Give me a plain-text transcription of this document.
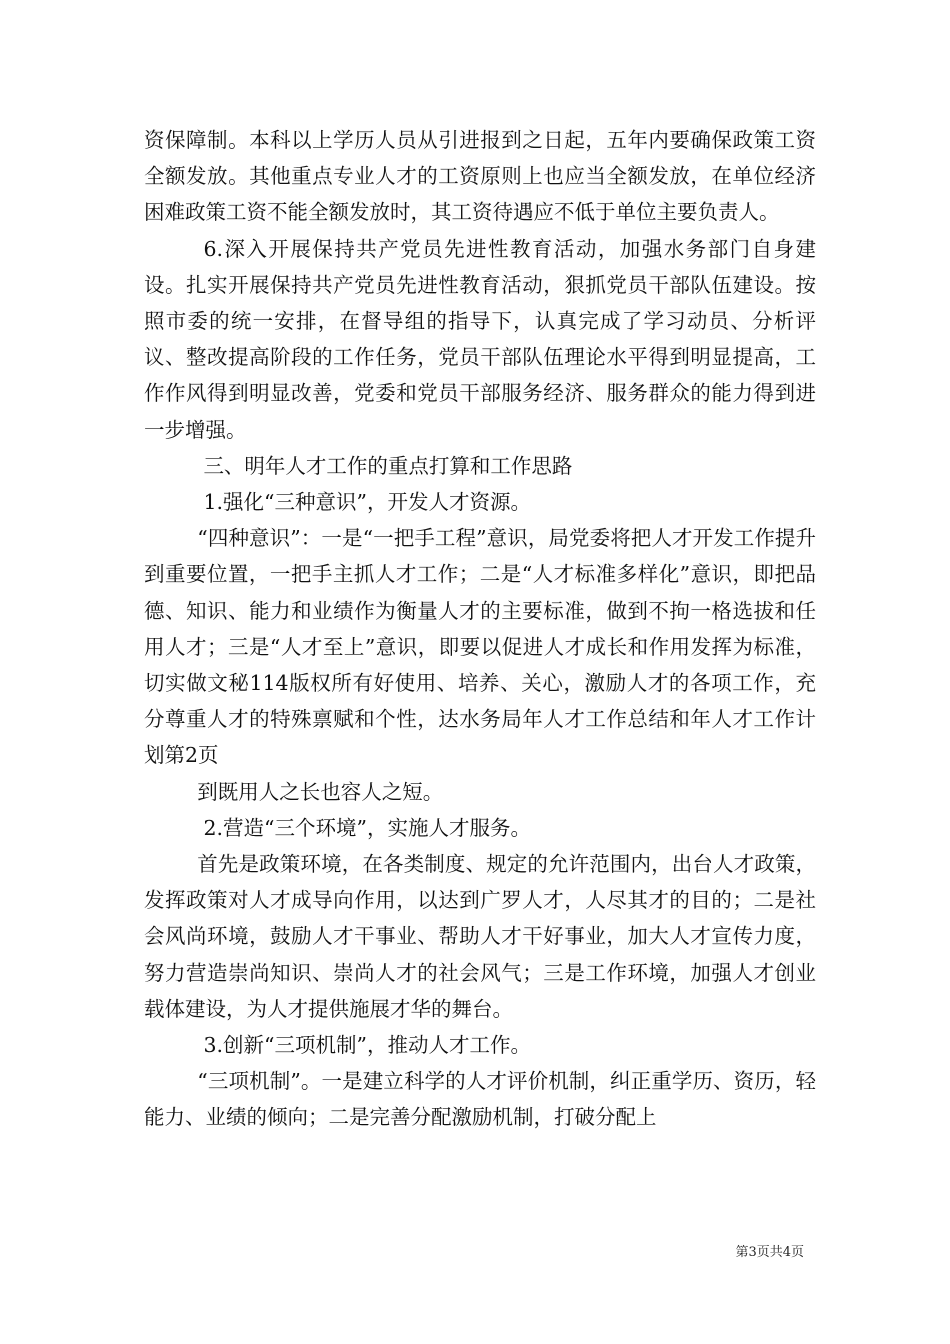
资保障制。本科以上学历人员从引进报到之日起，五年内要确保政策工资全额发放。其他重点专业人才的工资原则上也应当全额发放，在单位经济困难政策工资不能全额发放时，其工资待遇应不低于单位主要负责人。

6.深入开展保持共产党员先进性教育活动，加强水务部门自身建设。扎实开展保持共产党员先进性教育活动，狠抓党员干部队伍建设。按照市委的统一安排，在督导组的指导下，认真完成了学习动员、分析评议、整改提高阶段的工作任务，党员干部队伍理论水平得到明显提高，工作作风得到明显改善，党委和党员干部服务经济、服务群众的能力得到进一步增强。

三、明年人才工作的重点打算和工作思路

1.强化“三种意识”，开发人才资源。

“四种意识”：一是“一把手工程”意识，局党委将把人才开发工作提升到重要位置，一把手主抓人才工作；二是“人才标准多样化”意识，即把品德、知识、能力和业绩作为衡量人才的主要标准，做到不拘一格选拔和任用人才；三是“人才至上”意识，即要以促进人才成长和作用发挥为标准，切实做文秘114版权所有好使用、培养、关心，激励人才的各项工作，充分尊重人才的特殊禀赋和个性，达水务局年人才工作总结和年人才工作计划第2页

到既用人之长也容人之短。

2.营造“三个环境”，实施人才服务。

首先是政策环境，在各类制度、规定的允许范围内，出台人才政策，发挥政策对人才成导向作用，以达到广罗人才，人尽其才的目的；二是社会风尚环境，鼓励人才干事业、帮助人才干好事业，加大人才宣传力度，努力营造崇尚知识、崇尚人才的社会风气；三是工作环境，加强人才创业载体建设，为人才提供施展才华的舞台。

3.创新“三项机制”，推动人才工作。

“三项机制”。一是建立科学的人才评价机制，纠正重学历、资历，轻能力、业绩的倾向；二是完善分配激励机制，打破分配上

第3页共4页
